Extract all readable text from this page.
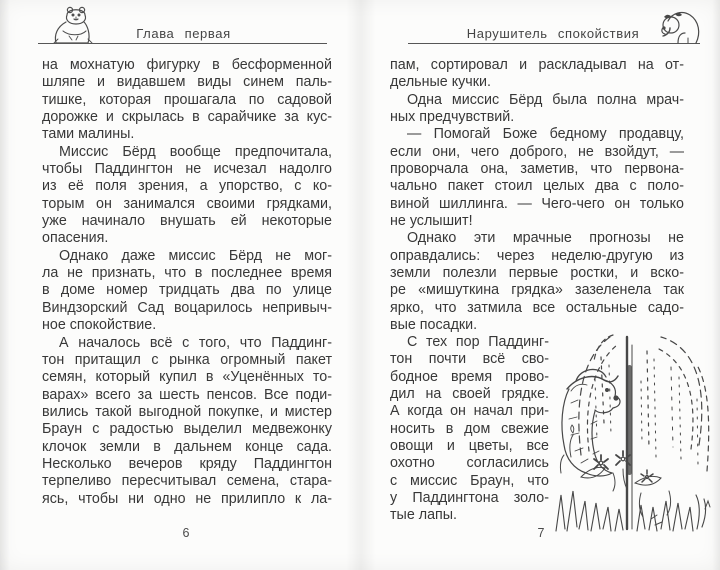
Глава первая
на мохнатую фигурку в бесформенной
шляпе и видавшем виды синем паль-
тишке, которая прошагала по садовой
дорожке и скрылась в сарайчике за кус-
тами малины.
Миссис Бёрд вообще предпочитала,
чтобы Паддингтон не исчезал надолго
из её поля зрения, а упорство, с ко-
торым он занимался своими грядками,
уже начинало внушать ей некоторые
опасения.
Однако даже миссис Бёрд не мог-
ла не признать, что в последнее время
в доме номер тридцать два по улице
Виндзорский Сад воцарилось непривыч-
ное спокойствие.
А началось всё с того, что Паддинг-
тон притащил с рынка огромный пакет
семян, который купил в «Уценённых то-
варах» всего за шесть пенсов. Все поди-
вились такой выгодной покупке, и мистер
Браун с радостью выделил медвежонку
клочок земли в дальнем конце сада.
Несколько вечеров кряду Паддингтон
терпеливо пересчитывал семена, стара-
ясь, чтобы ни одно не прилипло к ла-
6
Нарушитель спокойствия
пам, сортировал и раскладывал на от-
дельные кучки.
Одна миссис Бёрд была полна мрач-
ных предчувствий.
— Помогай Боже бедному продавцу,
если они, чего доброго, не взойдут, —
проворчала она, заметив, что первона-
чально пакет стоил целых два с поло-
виной шиллинга. — Чего-чего он только
не услышит!
Однако эти мрачные прогнозы не
оправдались: через неделю-другую из
земли полезли первые ростки, и вско-
ре «мишуткина грядка» зазеленела так
ярко, что затмила все остальные садо-
вые посадки.
С тех пор Паддинг-
тон почти всё сво-
бодное время прово-
дил на своей грядке.
А когда он начал при-
носить в дом свежие
овощи и цветы, все
охотно согласились
с миссис Браун, что
у Паддингтона золо-
тые лапы.
7
